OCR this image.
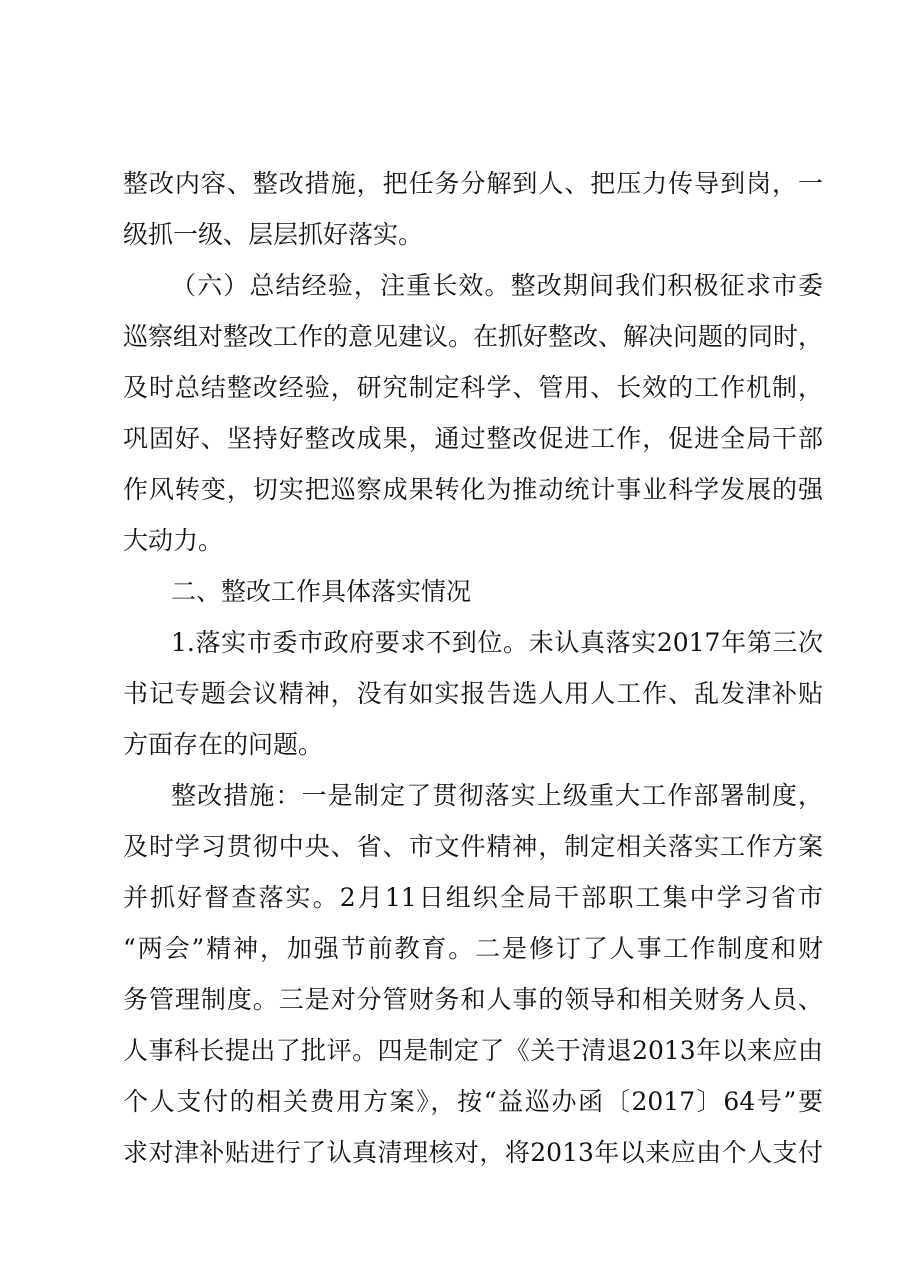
整改内容、整改措施，把任务分解到人、把压力传导到岗，一
级抓一级、层层抓好落实。
（六）总结经验，注重长效。整改期间我们积极征求市委
巡察组对整改工作的意见建议。在抓好整改、解决问题的同时，
及时总结整改经验，研究制定科学、管用、长效的工作机制，
巩固好、坚持好整改成果，通过整改促进工作，促进全局干部
作风转变，切实把巡察成果转化为推动统计事业科学发展的强
大动力。
二、整改工作具体落实情况
1.落实市委市政府要求不到位。未认真落实2017年第三次
书记专题会议精神，没有如实报告选人用人工作、乱发津补贴
方面存在的问题。
整改措施：一是制定了贯彻落实上级重大工作部署制度，
及时学习贯彻中央、省、市文件精神，制定相关落实工作方案
并抓好督查落实。2月11日组织全局干部职工集中学习省市
“两会”精神，加强节前教育。二是修订了人事工作制度和财
务管理制度。三是对分管财务和人事的领导和相关财务人员、
人事科长提出了批评。四是制定了《关于清退2013年以来应由
个人支付的相关费用方案》，按“益巡办函〔2017〕64号”要
求对津补贴进行了认真清理核对，将2013年以来应由个人支付
